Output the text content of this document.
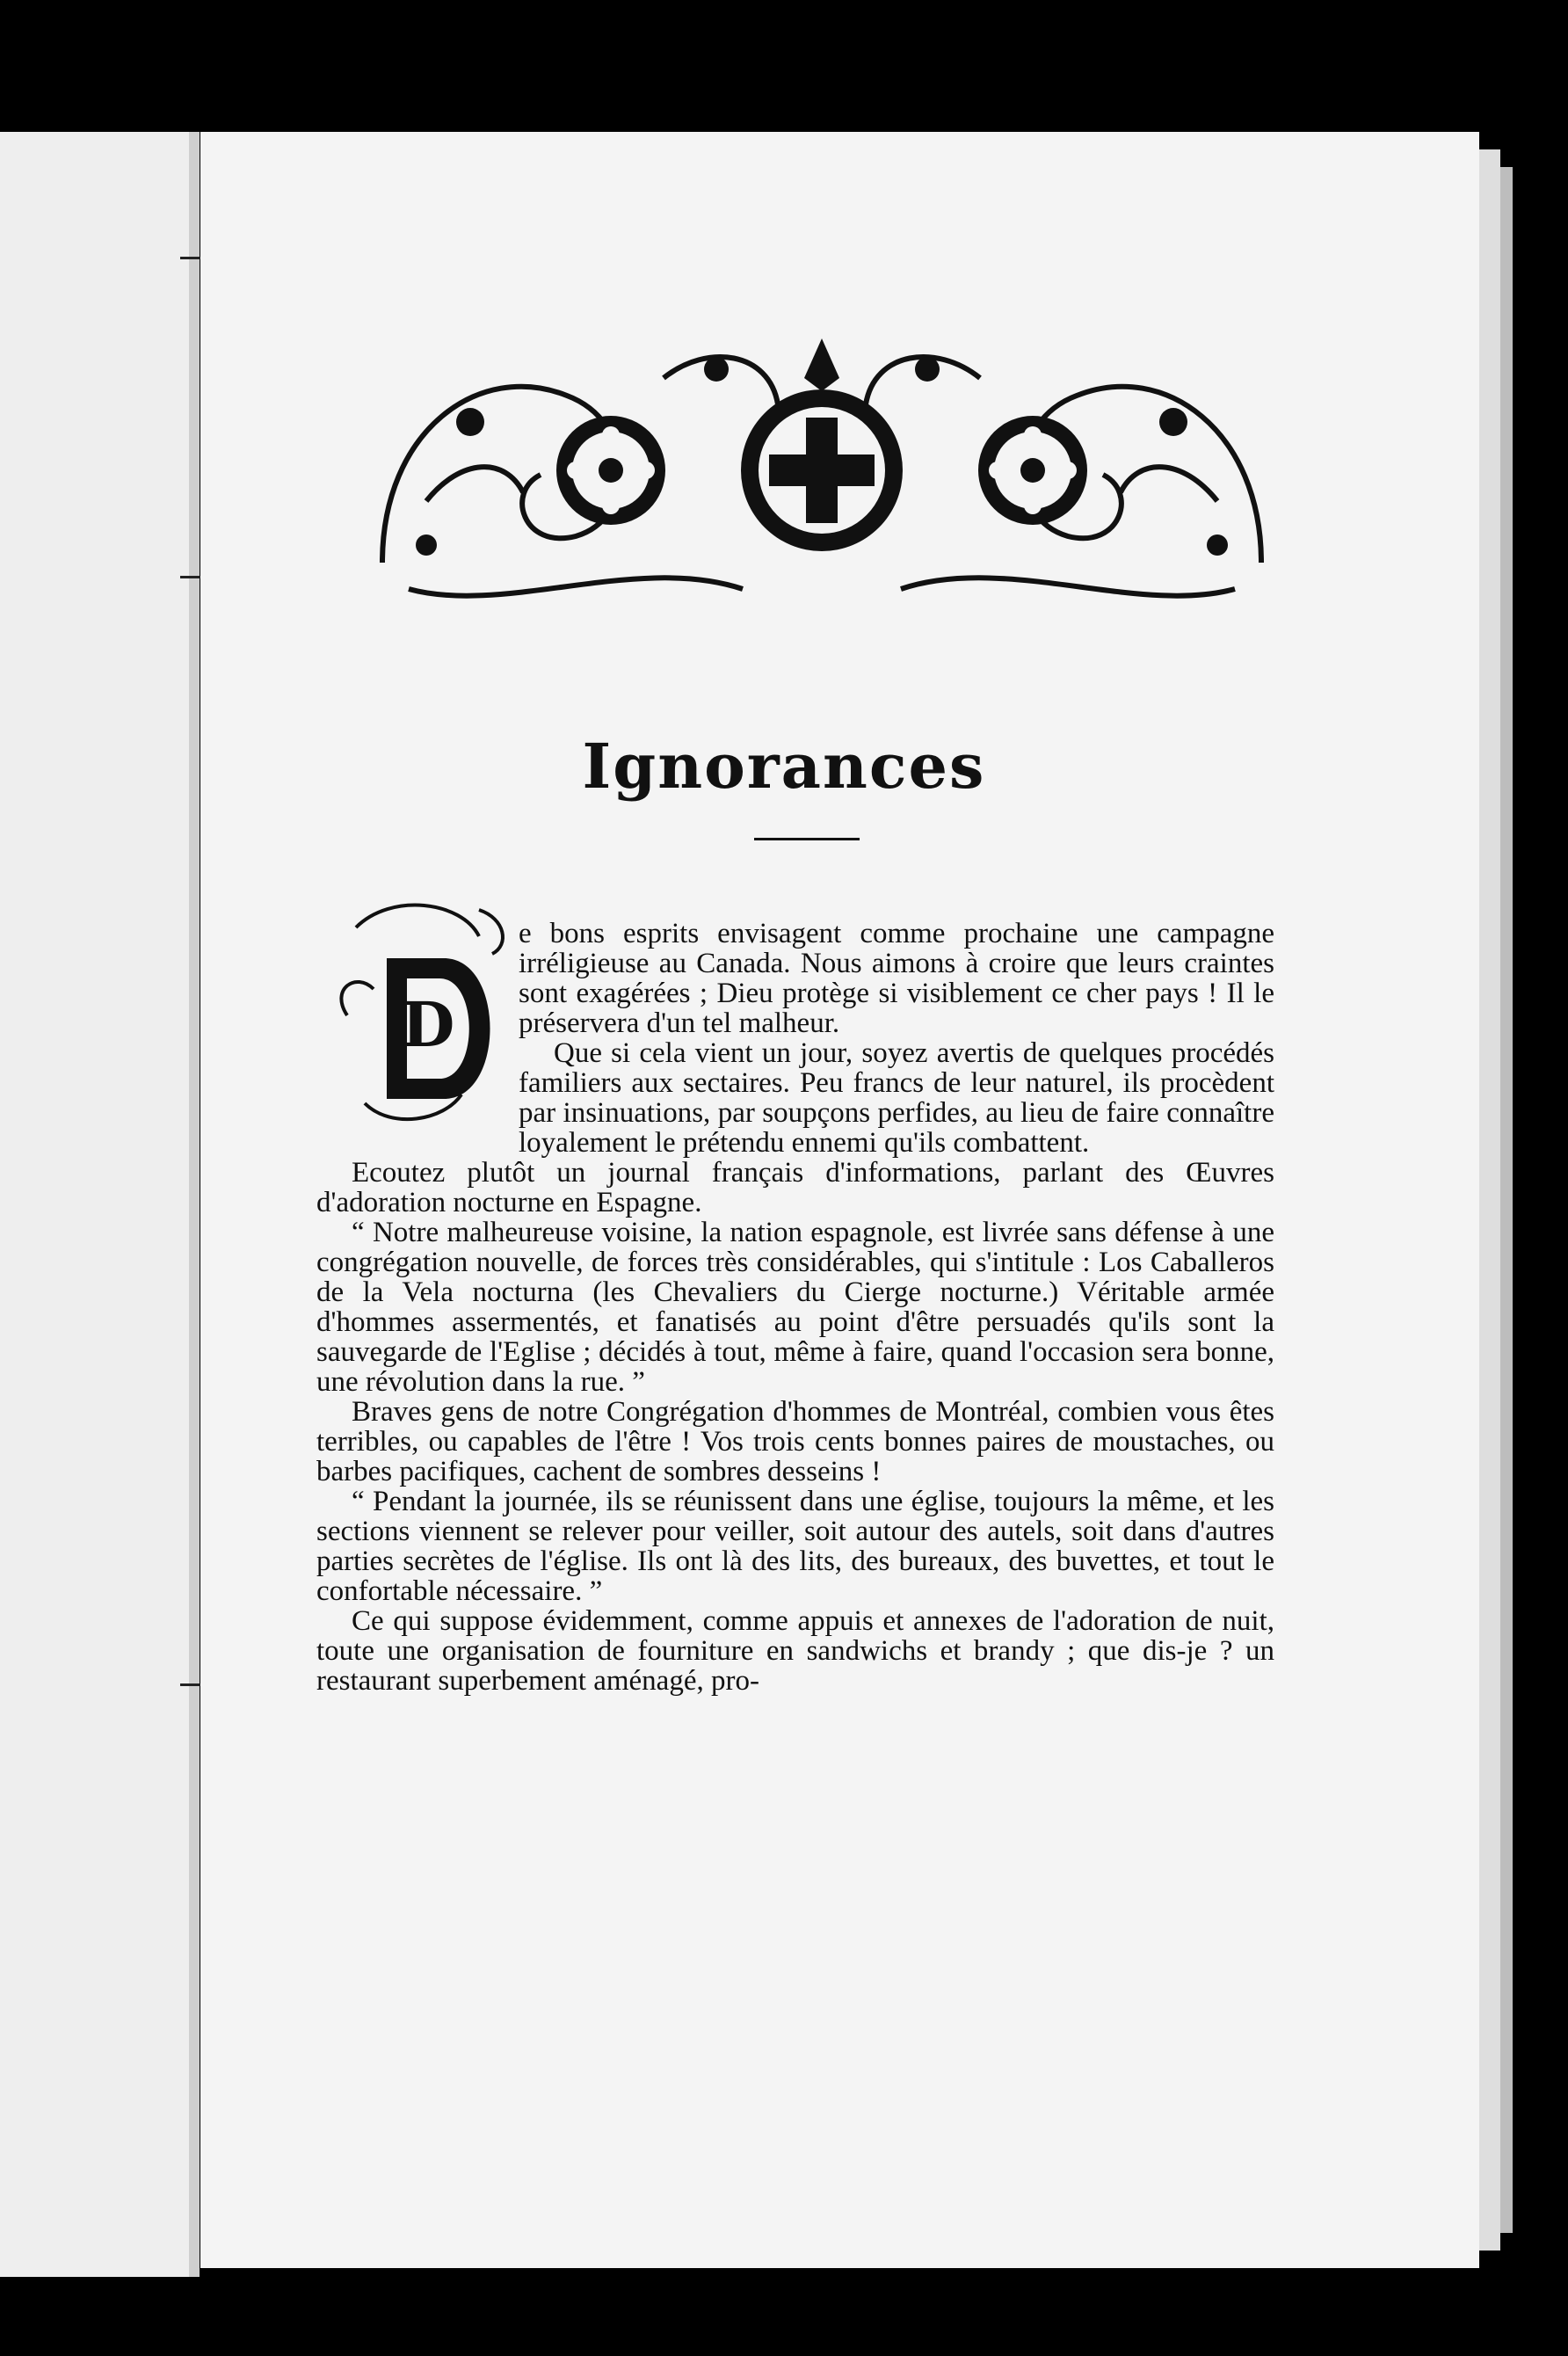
Ignorances
D

e bons esprits envisagent comme prochaine une campagne irréligieuse au Canada. Nous aimons à croire que leurs craintes sont exagérées ; Dieu protège si visiblement ce cher pays ! Il le préservera d'un tel malheur.

Que si cela vient un jour, soyez avertis de quelques procédés familiers aux sectaires. Peu francs de leur naturel, ils procèdent par insinuations, par soupçons perfides, au lieu de faire connaître loyalement le prétendu ennemi qu'ils combattent.

Ecoutez plutôt un journal français d'informations, parlant des Œuvres d'adoration nocturne en Espagne.

“ Notre malheureuse voisine, la nation espagnole, est livrée sans défense à une congrégation nouvelle, de forces très considérables, qui s'intitule : Los Caballeros de la Vela nocturna (les Chevaliers du Cierge nocturne.) Véritable armée d'hommes assermentés, et fanatisés au point d'être persuadés qu'ils sont la sauvegarde de l'Eglise ; décidés à tout, même à faire, quand l'occasion sera bonne, une révolution dans la rue. ”

Braves gens de notre Congrégation d'hommes de Montréal, combien vous êtes terribles, ou capables de l'être ! Vos trois cents bonnes paires de moustaches, ou barbes pacifiques, cachent de sombres desseins !

“ Pendant la journée, ils se réunissent dans une église, toujours la même, et les sections viennent se relever pour veiller, soit autour des autels, soit dans d'autres parties secrètes de l'église. Ils ont là des lits, des bureaux, des buvettes, et tout le confortable nécessaire. ”

Ce qui suppose évidemment, comme appuis et annexes de l'adoration de nuit, toute une organisation de fourniture en sandwichs et brandy ; que dis-je ? un restaurant superbement aménagé, pro-
